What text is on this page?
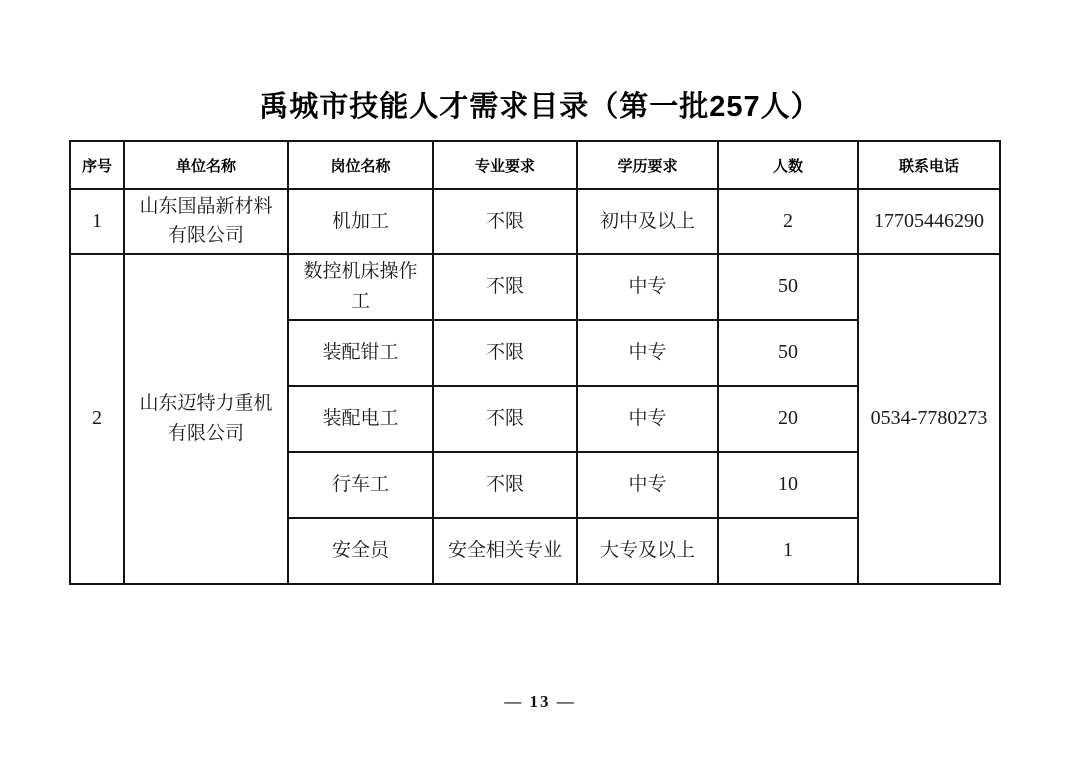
禹城市技能人才需求目录（第一批257人）
序号	单位名称	岗位名称	专业要求	学历要求	人数	联系电话
1	山东国晶新材料有限公司	机加工	不限	初中及以上	2	17705446290
2	山东迈特力重机有限公司	数控机床操作工	不限	中专	50	0534-7780273
		装配钳工	不限	中专	50	
		装配电工	不限	中专	20	
		行车工	不限	中专	10	
		安全员	安全相关专业	大专及以上	1	
— 13 —
